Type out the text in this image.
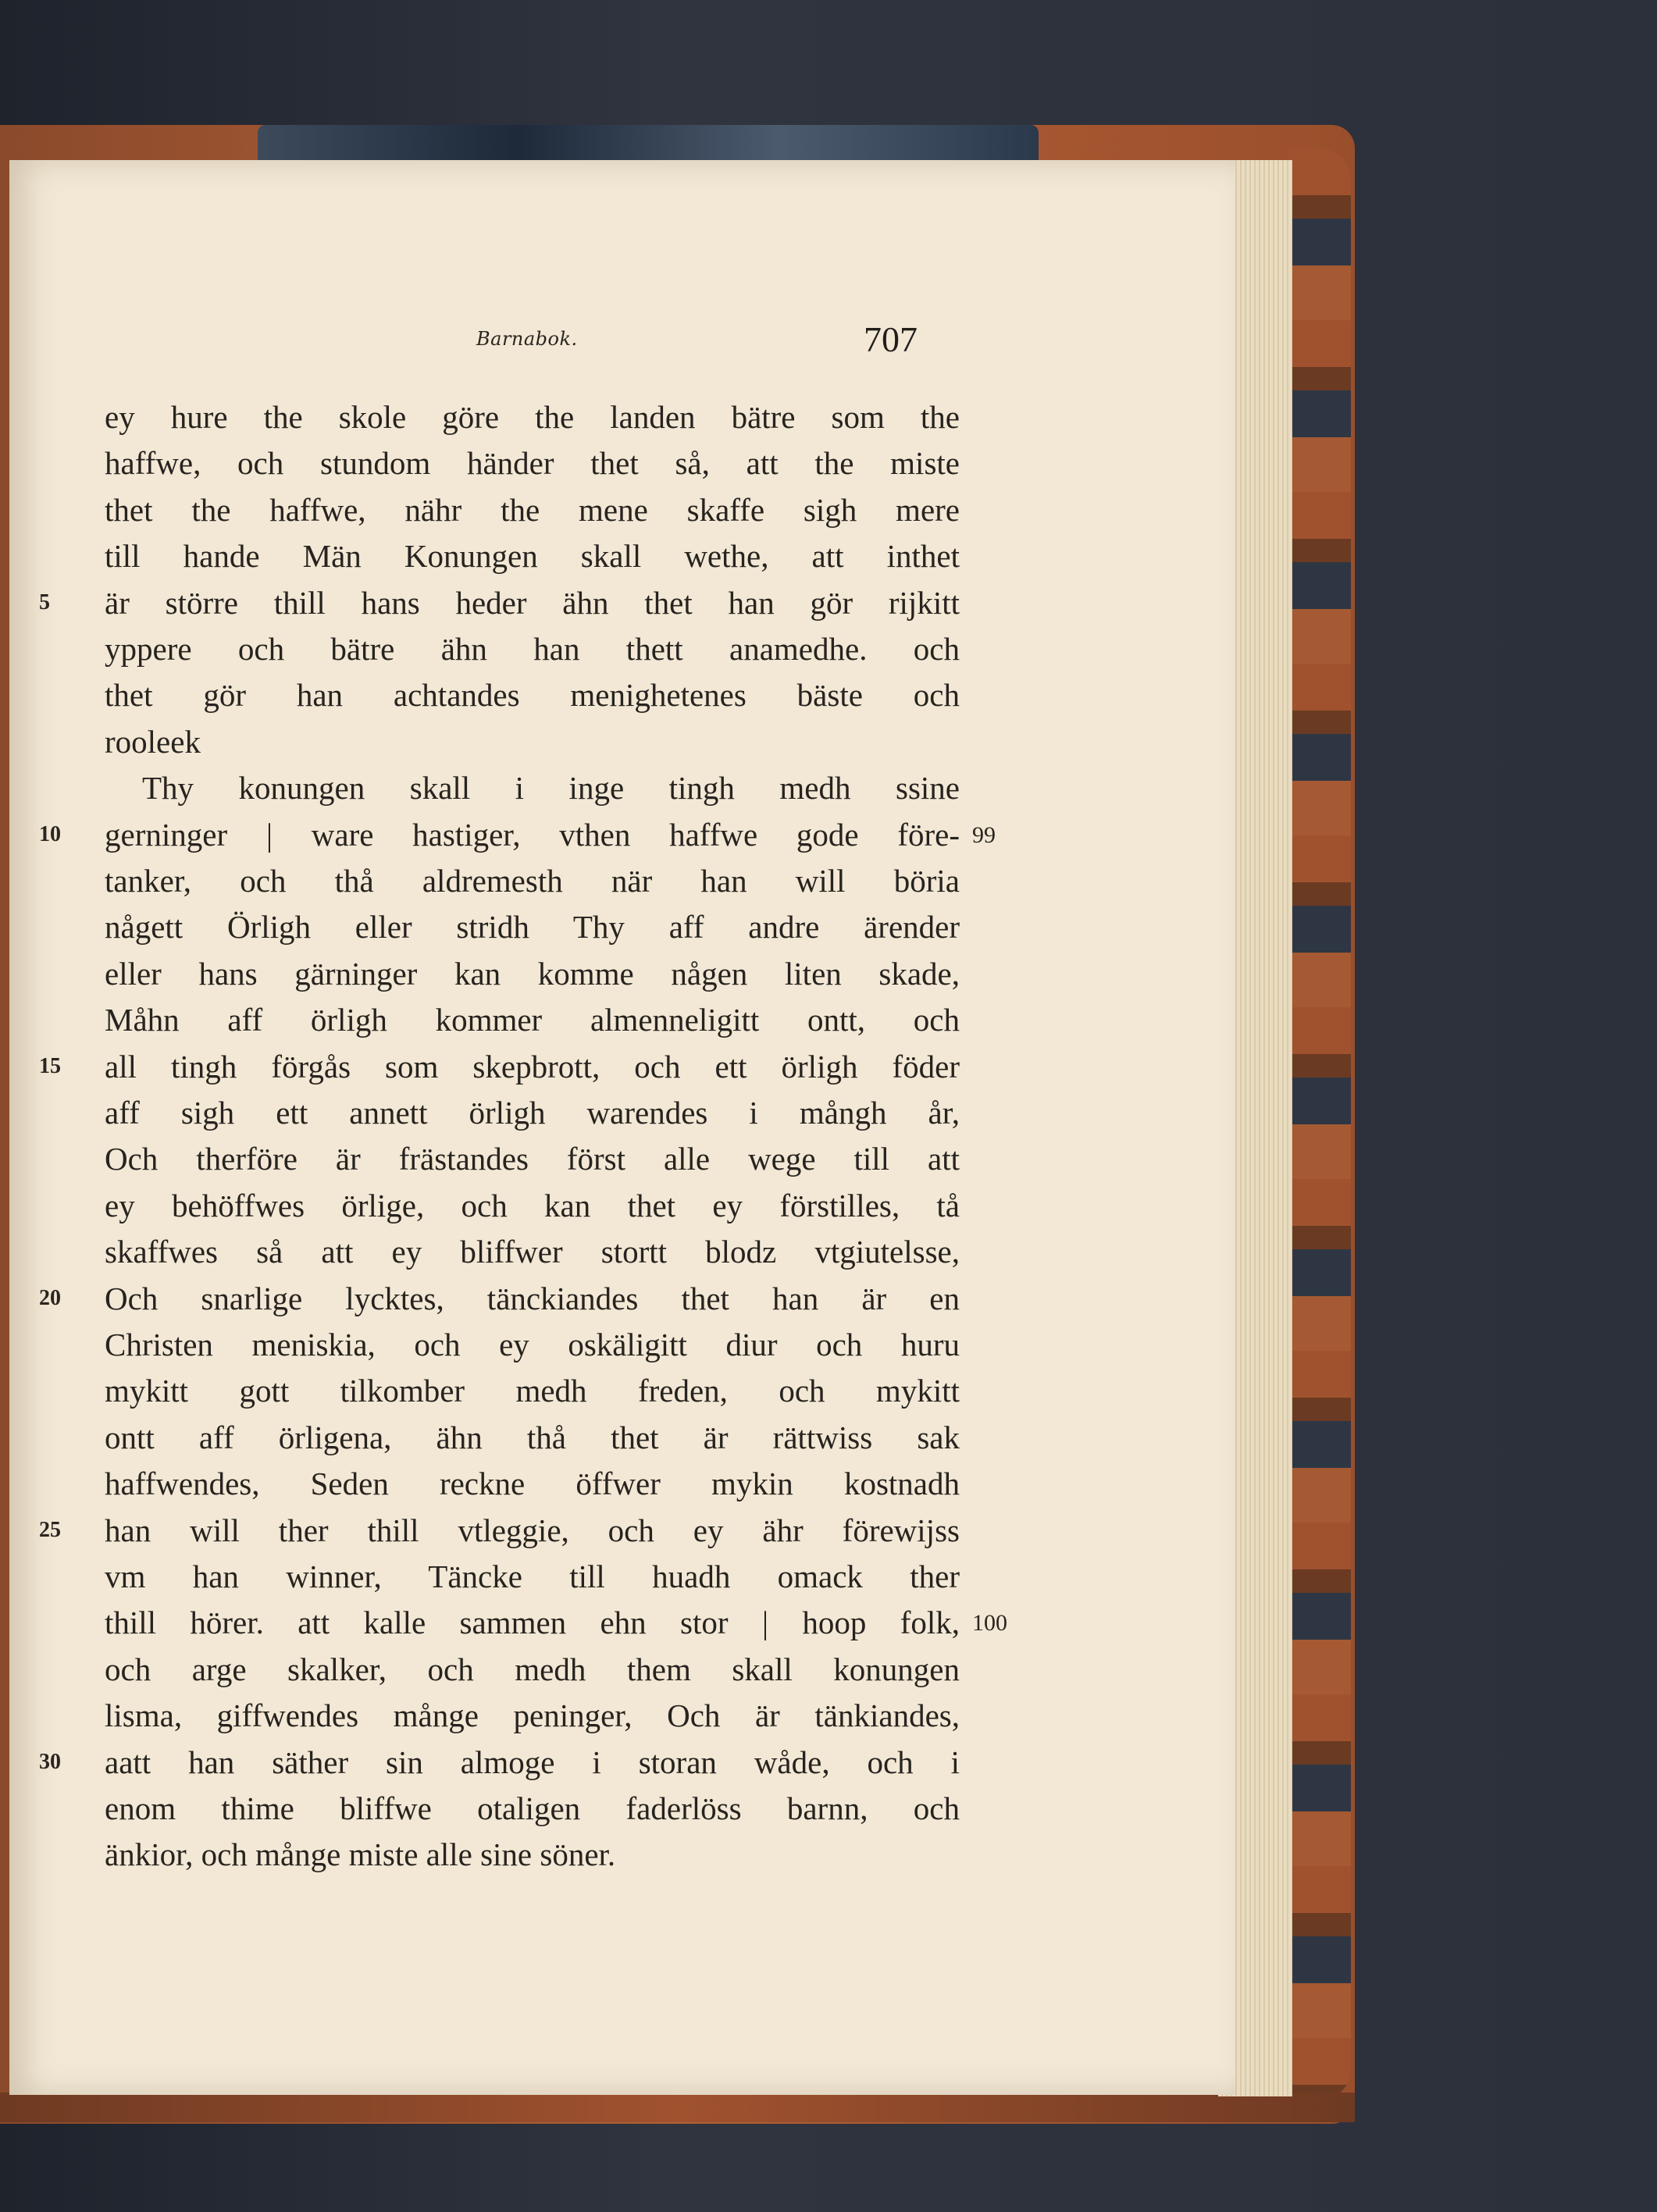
Barnabok.	707
ey hure the skole göre the landen bätre som the
haffwe, och stundom händer thet så, att the miste
thet the haffwe, nähr the mene skaffe sigh mere
till hande Män Konungen skall wethe, att inthet
är större thill hans heder ähn thet han gör rijkitt
5
yppere och bätre ähn han thett anamedhe. och
thet gör han achtandes menighetenes bäste och
rooleek
Thy konungen skall i inge tingh medh ssine
gerninger | ware hastiger, vthen haffwe gode före-
10	99
tanker, och thå aldremesth när han will böria
någett Örligh eller stridh Thy aff andre ärender
eller hans gärninger kan komme någen liten skade,
Måhn aff örligh kommer almenneligitt ontt, och
all tingh förgås som skepbrott, och ett örligh föder
15
aff sigh ett annett örligh warendes i mångh år,
Och therföre är frästandes först alle wege till att
ey behöffwes örlige, och kan thet ey förstilles, tå
skaffwes så att ey bliffwer stortt blodz vtgiutelsse,
Och snarlige lycktes, tänckiandes thet han är en
20
Christen meniskia, och ey oskäligitt diur och huru
mykitt gott tilkomber medh freden, och mykitt
ontt aff örligena, ähn thå thet är rättwiss sak
haffwendes, Seden reckne öffwer mykin kostnadh
han will ther thill vtleggie, och ey ähr förewijss
25
vm han winner, Täncke till huadh omack ther
thill hörer. att kalle sammen ehn stor | hoop folk, 100
och arge skalker, och medh them skall konungen
lisma, giffwendes månge peninger, Och är tänkiandes,
aatt han säther sin almoge i storan wåde, och i
30
enom thime bliffwe otaligen faderlöss barnn, och
änkior, och månge miste alle sine söner.
